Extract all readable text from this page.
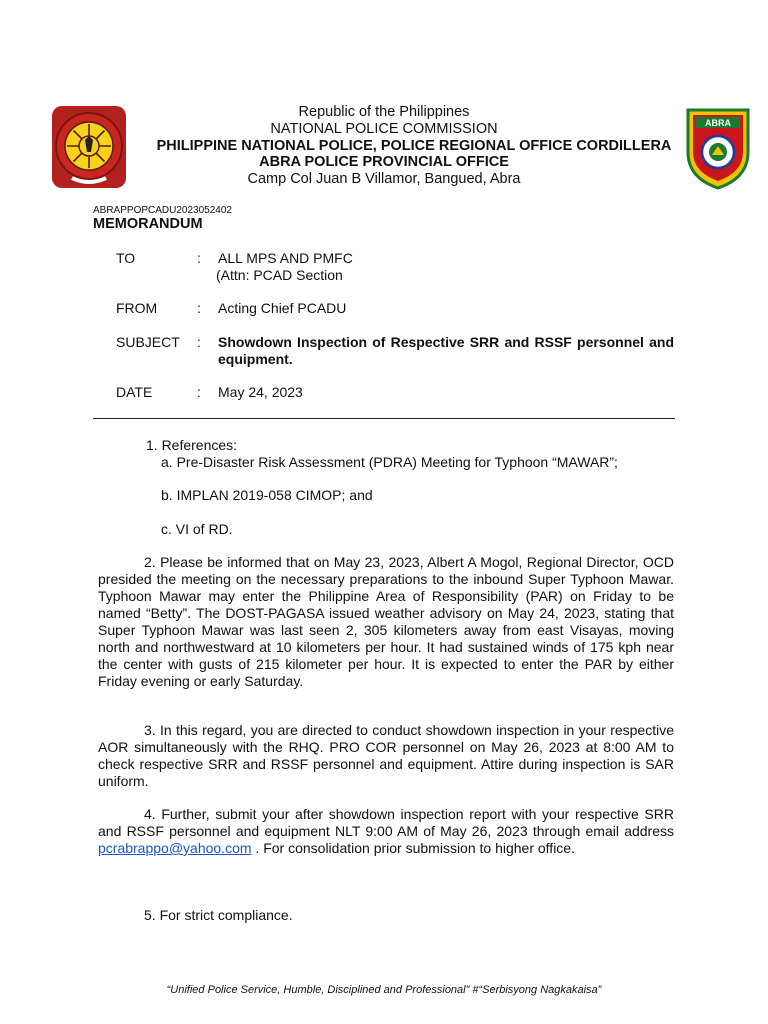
ABRA
Republic of the Philippines
NATIONAL POLICE COMMISSION
PHILIPPINE NATIONAL POLICE, POLICE REGIONAL OFFICE CORDILLERA
ABRA POLICE PROVINCIAL OFFICE
Camp Col Juan B Villamor, Bangued, Abra
ABRAPPOPCADU2023052402
MEMORANDUM
TO	: ALL MPS AND PMFC
(Attn: PCAD Section
FROM	: Acting Chief PCADU
SUBJECT : Showdown Inspection of Respective SRR and RSSF personnel and equipment.
DATE	: May 24, 2023
1. References:
a. Pre-Disaster Risk Assessment (PDRA) Meeting for Typhoon “MAWAR”;
b. IMPLAN 2019-058 CIMOP; and
c. VI of RD.
2. Please be informed that on May 23, 2023, Albert A Mogol, Regional Director, OCD presided the meeting on the necessary preparations to the inbound Super Typhoon Mawar. Typhoon Mawar may enter the Philippine Area of Responsibility (PAR) on Friday to be named “Betty”. The DOST-PAGASA issued weather advisory on May 24, 2023, stating that Super Typhoon Mawar was last seen 2, 305 kilometers away from east Visayas, moving north and northwestward at 10 kilometers per hour. It had sustained winds of 175 kph near the center with gusts of 215 kilometer per hour. It is expected to enter the PAR by either Friday evening or early Saturday.
3. In this regard, you are directed to conduct showdown inspection in your respective AOR simultaneously with the RHQ. PRO COR personnel on May 26, 2023 at 8:00 AM to check respective SRR and RSSF personnel and equipment. Attire during inspection is SAR uniform.
4. Further, submit your after showdown inspection report with your respective SRR and RSSF personnel and equipment NLT 9:00 AM of May 26, 2023 through email address pcrabrappo@yahoo.com . For consolidation prior submission to higher office.
5. For strict compliance.
“Unified Police Service, Humble, Disciplined and Professional” #“Serbisyong Nagkakaisa”
